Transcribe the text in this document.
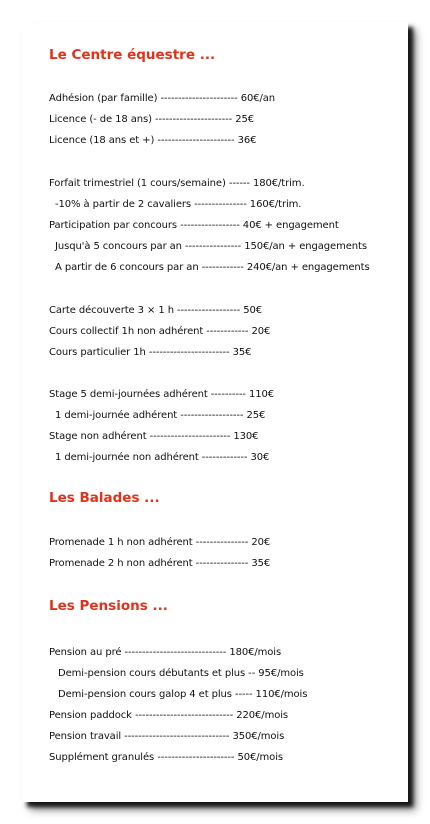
Le Centre équestre ...
Adhésion (par famille) ---------------------- 60€/an
Licence (- de 18 ans) ---------------------- 25€
Licence (18 ans et +) ---------------------- 36€
Forfait trimestriel (1 cours/semaine) ------ 180€/trim.
-10% à partir de 2 cavaliers --------------- 160€/trim.
Participation par concours ----------------- 40€ + engagement
Jusqu'à 5 concours par an ---------------- 150€/an + engagements
A partir de 6 concours par an ------------ 240€/an + engagements
Carte découverte 3 × 1 h ------------------ 50€
Cours collectif 1h non adhérent ------------ 20€
Cours particulier 1h ----------------------- 35€
Stage 5 demi-journées adhérent ---------- 110€
1 demi-journée adhérent ------------------ 25€
Stage non adhérent ----------------------- 130€
1 demi-journée non adhérent ------------- 30€
Les Balades ...
Promenade 1 h non adhérent --------------- 20€
Promenade 2 h non adhérent --------------- 35€
Les Pensions ...
Pension au pré ----------------------------- 180€/mois
Demi-pension cours débutants et plus -- 95€/mois
Demi-pension cours galop 4 et plus ----- 110€/mois
Pension paddock ---------------------------- 220€/mois
Pension travail ------------------------------ 350€/mois
Supplément granulés ---------------------- 50€/mois
